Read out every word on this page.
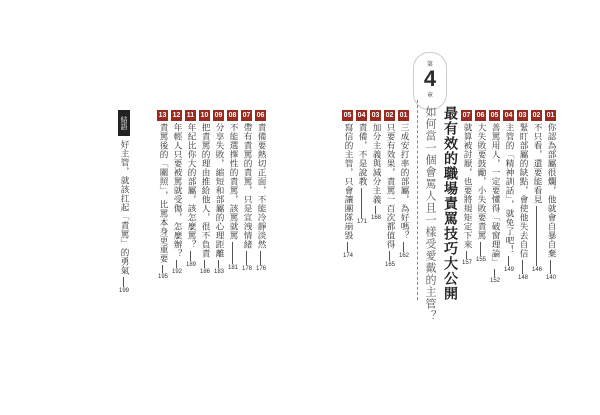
第
4
章
最有效的職場責罵技巧大公開
如何當一個會罵人且一樣受愛戴的主管？	01
你認為部屬很爛，他就會自暴自棄
140
02
不只看，還要能看見
146
03
緊盯部屬的缺點，會使他失去自信
148
04
主管的「精神訓話」，就免了吧！
149
05
善罵用人，一定要懂得「破窗理論」
152
06
大失敗要鼓勵，小失敗要責罵
155
07
就算被討厭，也要將規矩定下來
157
01
三成安打率的部屬，為好嗎？
162
02
只要有效果，責罵一百次都值得
165
03
加分主義與減分主義
168
04
責備，不是說教
171
05
寫信的主管，只會讓團隊崩毀
174
06
責備要熱切正面，不能冷靜淡然
176
07
帶有責罵的責罵，只是宣洩情緒
178
08
不能選擇性的責罵，該罵就罵
181
09
分享失敗，縮短和部屬的心理距離
183
10
把責罵的理由推給他人，很不負責
186
11
年紀比你大的部屬，該怎麼罵？
189
12
年輕人只要被罵就受傷，怎麼辦？
192
13
責罵後的「關照」，比罵本身更重要
195
結語
好主管，就該扛起「責罵」的勇氣
199
